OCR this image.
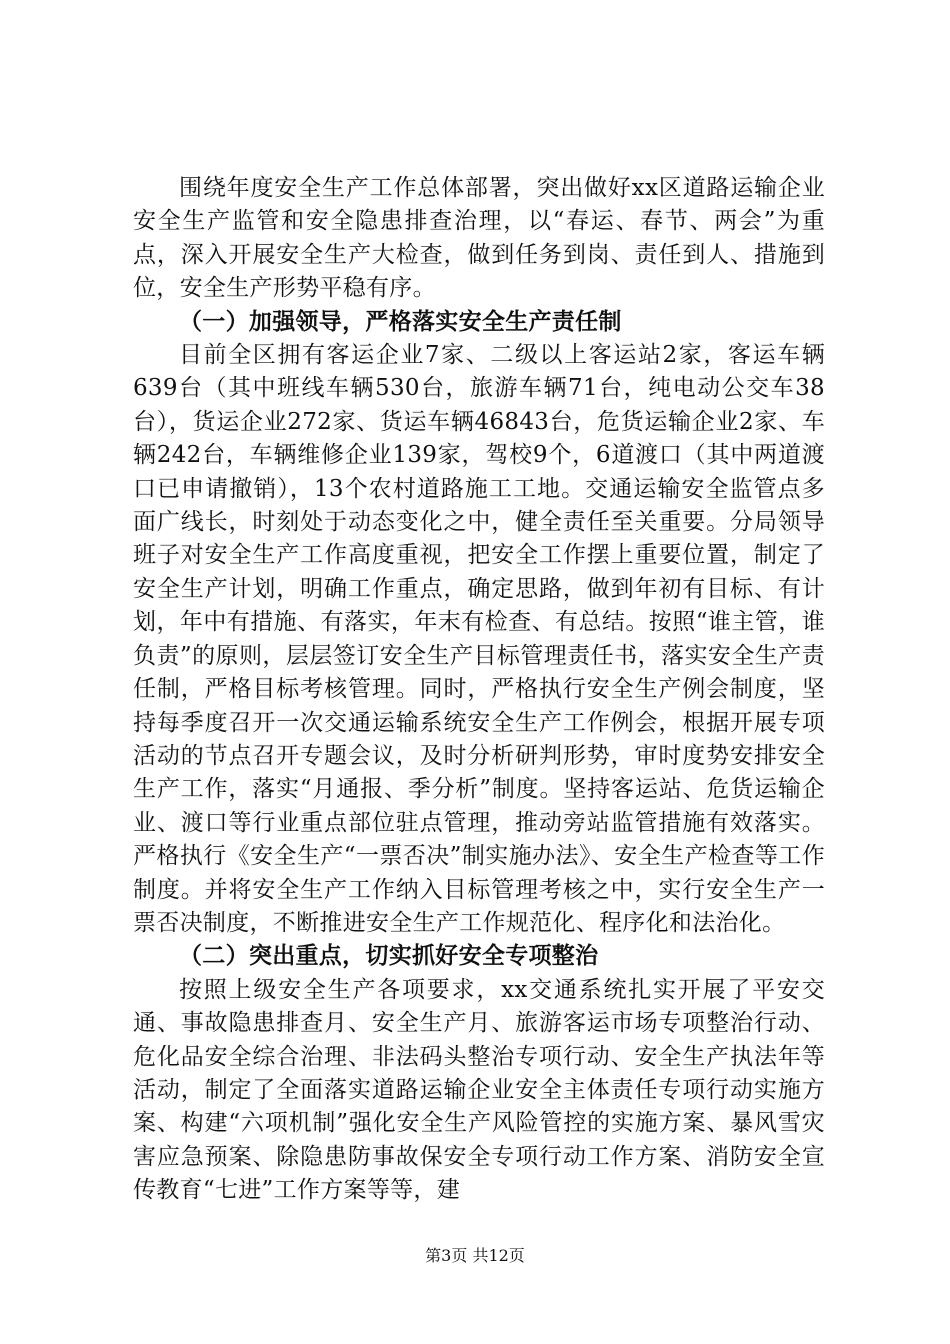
围绕年度安全生产工作总体部署，突出做好xx区道路运输企业安全生产监管和安全隐患排查治理，以“春运、春节、两会”为重点，深入开展安全生产大检查，做到任务到岗、责任到人、措施到位，安全生产形势平稳有序。

（一）加强领导，严格落实安全生产责任制

目前全区拥有客运企业7家、二级以上客运站2家，客运车辆639台（其中班线车辆530台，旅游车辆71台，纯电动公交车38台），货运企业272家、货运车辆46843台，危货运输企业2家、车辆242台，车辆维修企业139家，驾校9个，6道渡口（其中两道渡口已申请撤销），13个农村道路施工工地。交通运输安全监管点多面广线长，时刻处于动态变化之中，健全责任至关重要。分局领导班子对安全生产工作高度重视，把安全工作摆上重要位置，制定了安全生产计划，明确工作重点，确定思路，做到年初有目标、有计划，年中有措施、有落实，年末有检查、有总结。按照“谁主管，谁负责”的原则，层层签订安全生产目标管理责任书，落实安全生产责任制，严格目标考核管理。同时，严格执行安全生产例会制度，坚持每季度召开一次交通运输系统安全生产工作例会，根据开展专项活动的节点召开专题会议，及时分析研判形势，审时度势安排安全生产工作，落实“月通报、季分析”制度。坚持客运站、危货运输企业、渡口等行业重点部位驻点管理，推动旁站监管措施有效落实。严格执行《安全生产“一票否决”制实施办法》、安全生产检查等工作制度。并将安全生产工作纳入目标管理考核之中，实行安全生产一票否决制度，不断推进安全生产工作规范化、程序化和法治化。

（二）突出重点，切实抓好安全专项整治

按照上级安全生产各项要求，xx交通系统扎实开展了平安交通、事故隐患排查月、安全生产月、旅游客运市场专项整治行动、危化品安全综合治理、非法码头整治专项行动、安全生产执法年等活动，制定了全面落实道路运输企业安全主体责任专项行动实施方案、构建“六项机制”强化安全生产风险管控的实施方案、暴风雪灾害应急预案、除隐患防事故保安全专项行动工作方案、消防安全宣传教育“七进”工作方案等等，建

第3页 共12页
